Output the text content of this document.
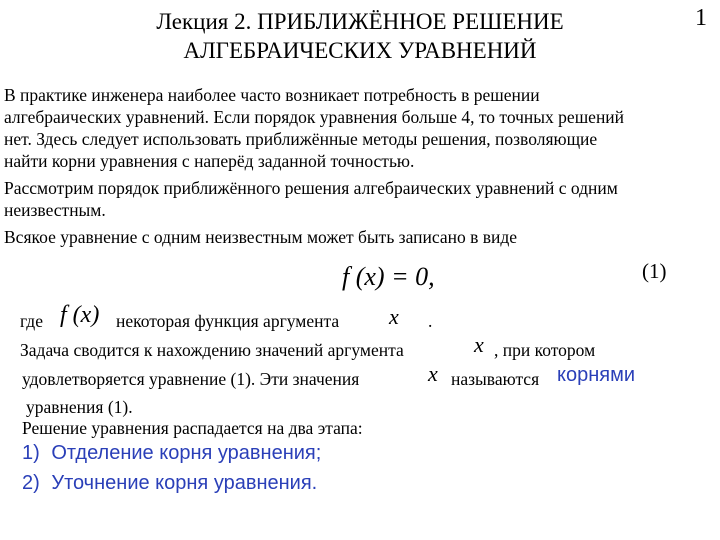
Лекция 2. ПРИБЛИЖЁННОЕ РЕШЕНИЕ
АЛГЕБРАИЧЕСКИХ УРАВНЕНИЙ
1
В практике инженера наиболее часто возникает потребность в решении
алгебраических уравнений. Если порядок уравнения больше 4, то точных решений
нет. Здесь следует использовать приближённые методы решения, позволяющие
найти корни уравнения с наперёд заданной точностью.
Рассмотрим порядок приближённого решения алгебраических уравнений с одним
неизвестным.
Всякое уравнение с одним неизвестным может быть записано в виде
f (x) = 0,	(1)
где f (x) некоторая функция аргумента x .
Задача сводится к нахождению значений аргумента	x , при котором
удовлетворяется уравнение (1). Эти значения	x называются корнями
уравнения (1).
Решение уравнения распадается на два этапа:
1) Отделение корня уравнения;
2) Уточнение корня уравнения.
